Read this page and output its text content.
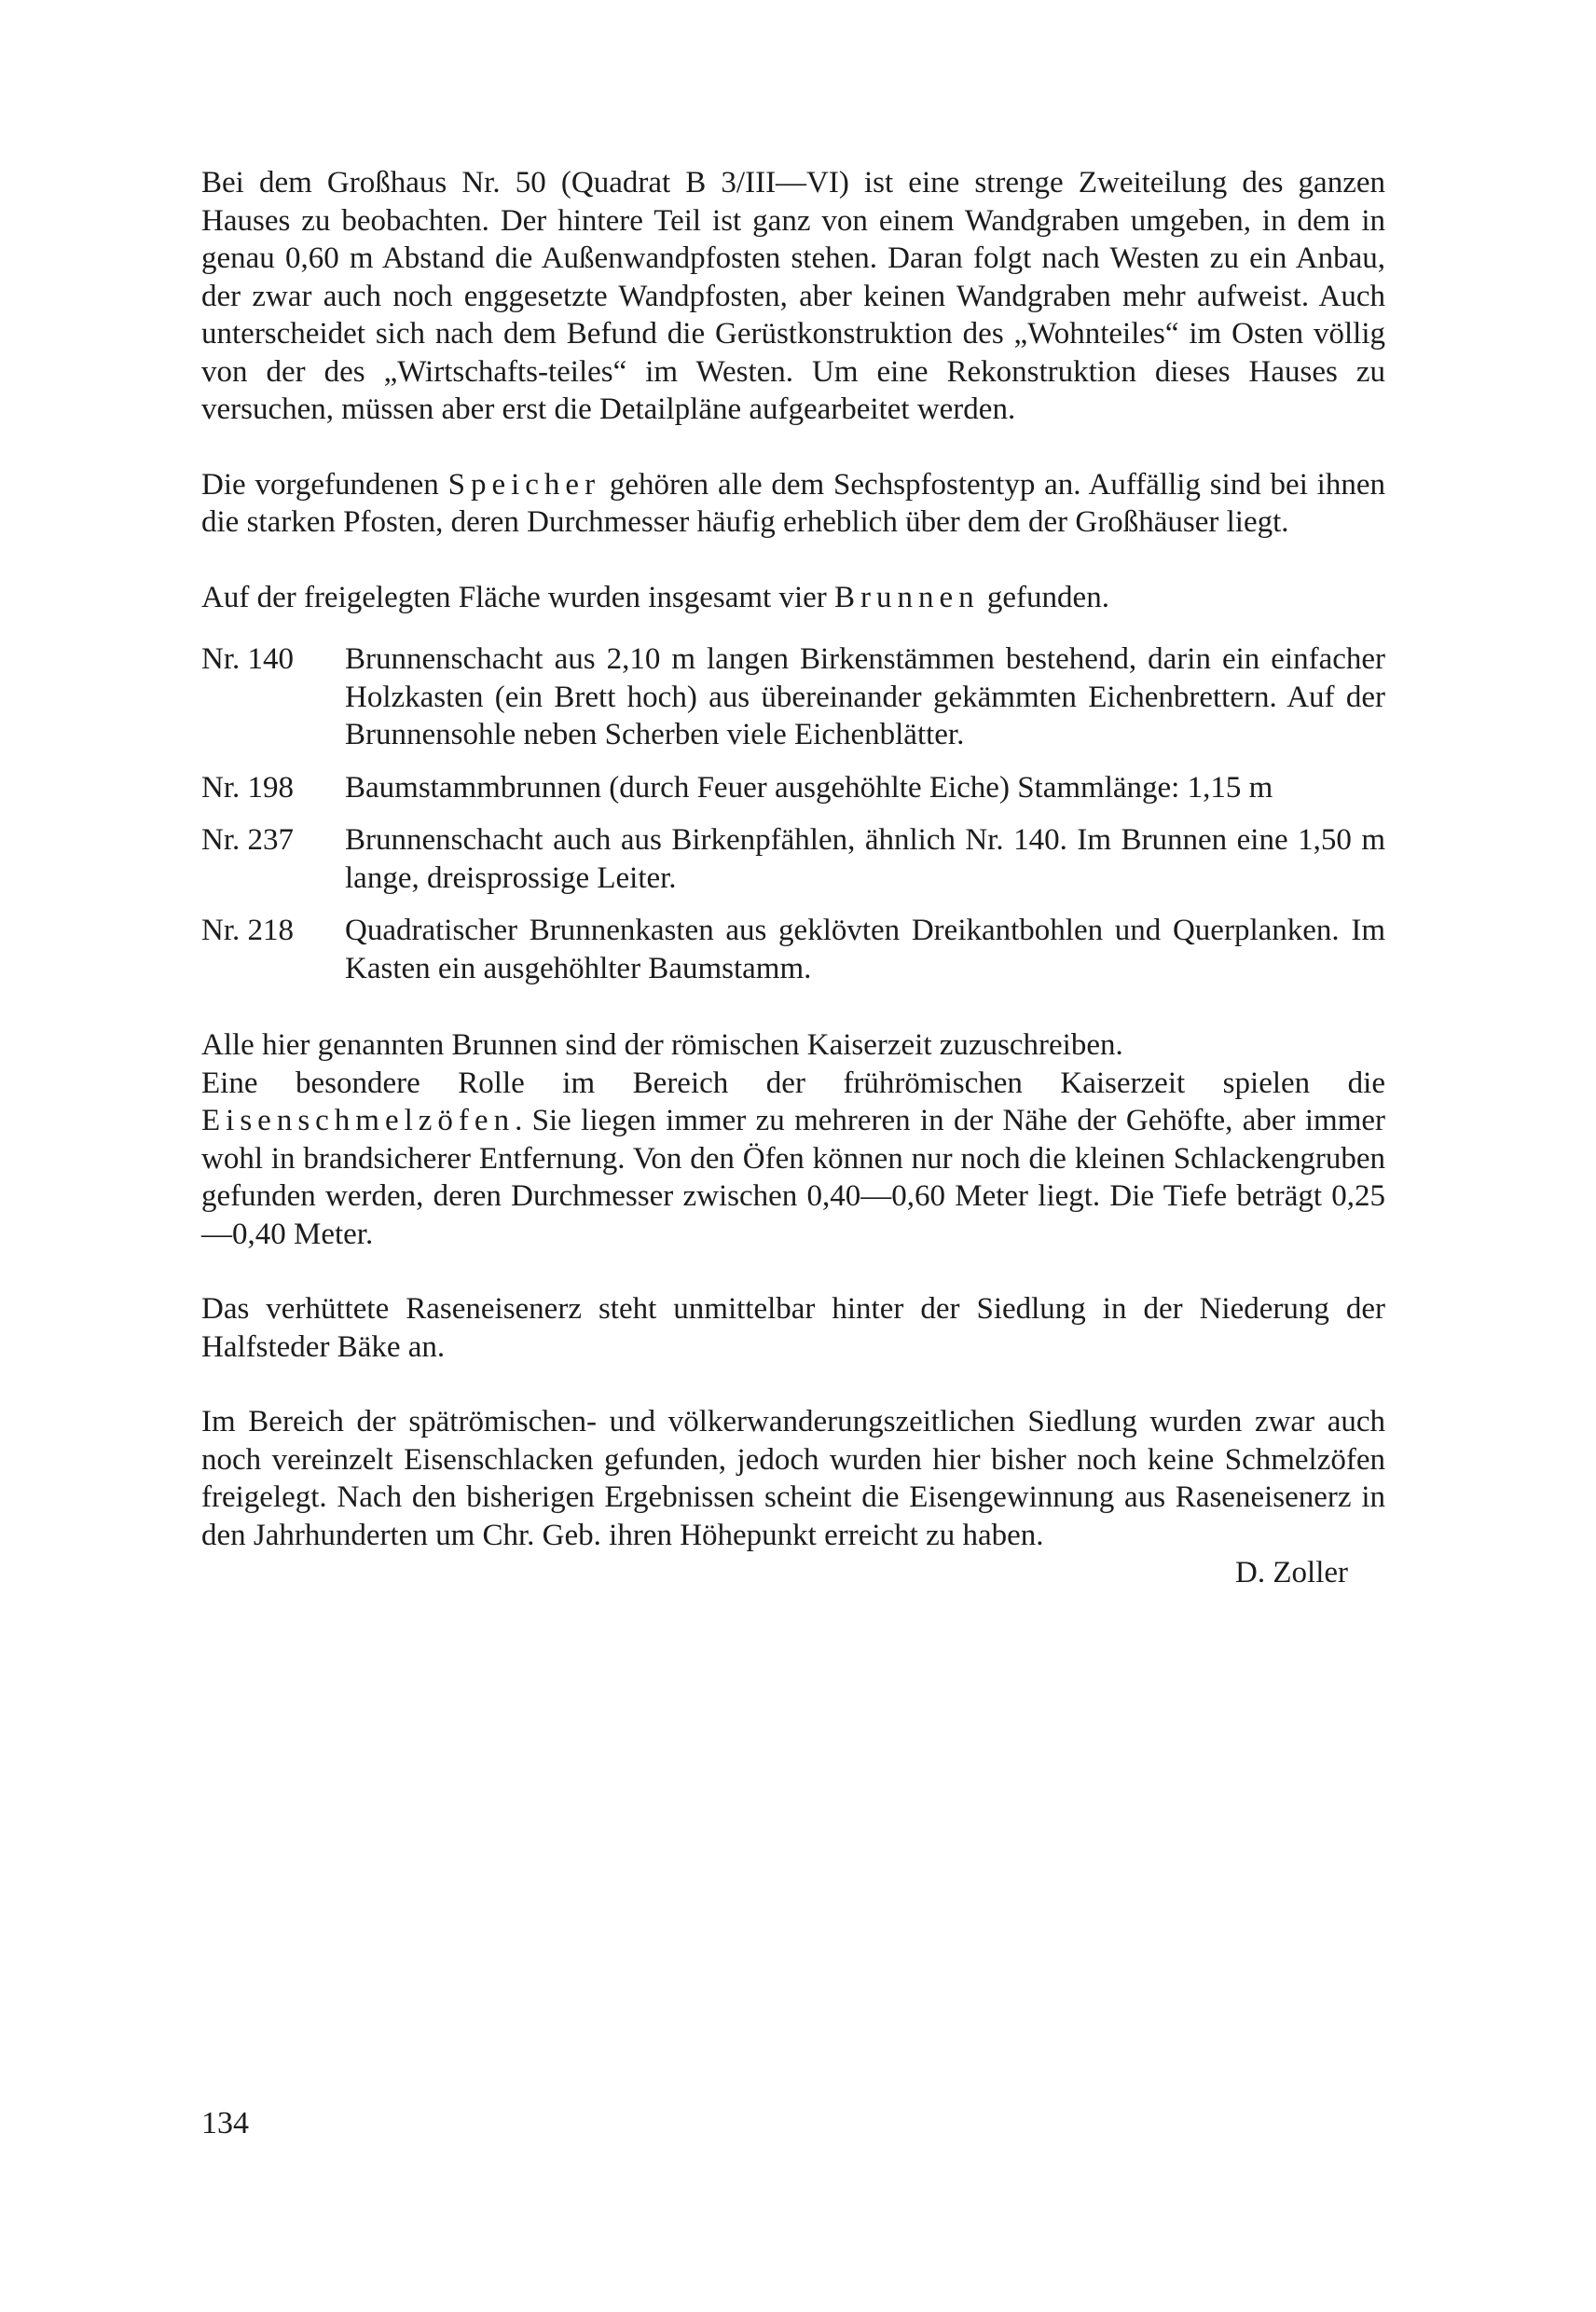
Bei dem Großhaus Nr. 50 (Quadrat B 3/III—VI) ist eine strenge Zweiteilung des ganzen Hauses zu beobachten. Der hintere Teil ist ganz von einem Wandgraben umgeben, in dem in genau 0,60 m Abstand die Außenwandpfosten stehen. Daran folgt nach Westen zu ein Anbau, der zwar auch noch enggesetzte Wandpfosten, aber keinen Wandgraben mehr aufweist. Auch unterscheidet sich nach dem Befund die Gerüstkonstruktion des „Wohnteiles“ im Osten völlig von der des „Wirtschafts-teiles“ im Westen. Um eine Rekonstruktion dieses Hauses zu versuchen, müssen aber erst die Detailpläne aufgearbeitet werden.

Die vorgefundenen Speicher gehören alle dem Sechspfostentyp an. Auffällig sind bei ihnen die starken Pfosten, deren Durchmesser häufig erheblich über dem der Großhäuser liegt.

Auf der freigelegten Fläche wurden insgesamt vier Brunnen gefunden.

Nr. 140	Brunnenschacht aus 2,10 m langen Birkenstämmen bestehend, darin ein einfacher Holzkasten (ein Brett hoch) aus übereinander gekämmten Eichenbrettern. Auf der Brunnensohle neben Scherben viele Eichenblätter.
Nr. 198	Baumstammbrunnen (durch Feuer ausgehöhlte Eiche) Stammlänge: 1,15 m
Nr. 237	Brunnenschacht auch aus Birkenpfählen, ähnlich Nr. 140. Im Brunnen eine 1,50 m lange, dreisprossige Leiter.
Nr. 218	Quadratischer Brunnenkasten aus geklövten Dreikantbohlen und Querplanken. Im Kasten ein ausgehöhlter Baumstamm.

Alle hier genannten Brunnen sind der römischen Kaiserzeit zuzuschreiben.

Eine besondere Rolle im Bereich der frührömischen Kaiserzeit spielen die Eisenschmelzöfen. Sie liegen immer zu mehreren in der Nähe der Gehöfte, aber immer wohl in brandsicherer Entfernung. Von den Öfen können nur noch die kleinen Schlackengruben gefunden werden, deren Durchmesser zwischen 0,40—0,60 Meter liegt. Die Tiefe beträgt 0,25—0,40 Meter.

Das verhüttete Raseneisenerz steht unmittelbar hinter der Siedlung in der Niederung der Halfsteder Bäke an.

Im Bereich der spätrömischen- und völkerwanderungszeitlichen Siedlung wurden zwar auch noch vereinzelt Eisenschlacken gefunden, jedoch wurden hier bisher noch keine Schmelzöfen freigelegt. Nach den bisherigen Ergebnissen scheint die Eisengewinnung aus Raseneisenerz in den Jahrhunderten um Chr. Geb. ihren Höhepunkt erreicht zu haben.

D. Zoller

134
